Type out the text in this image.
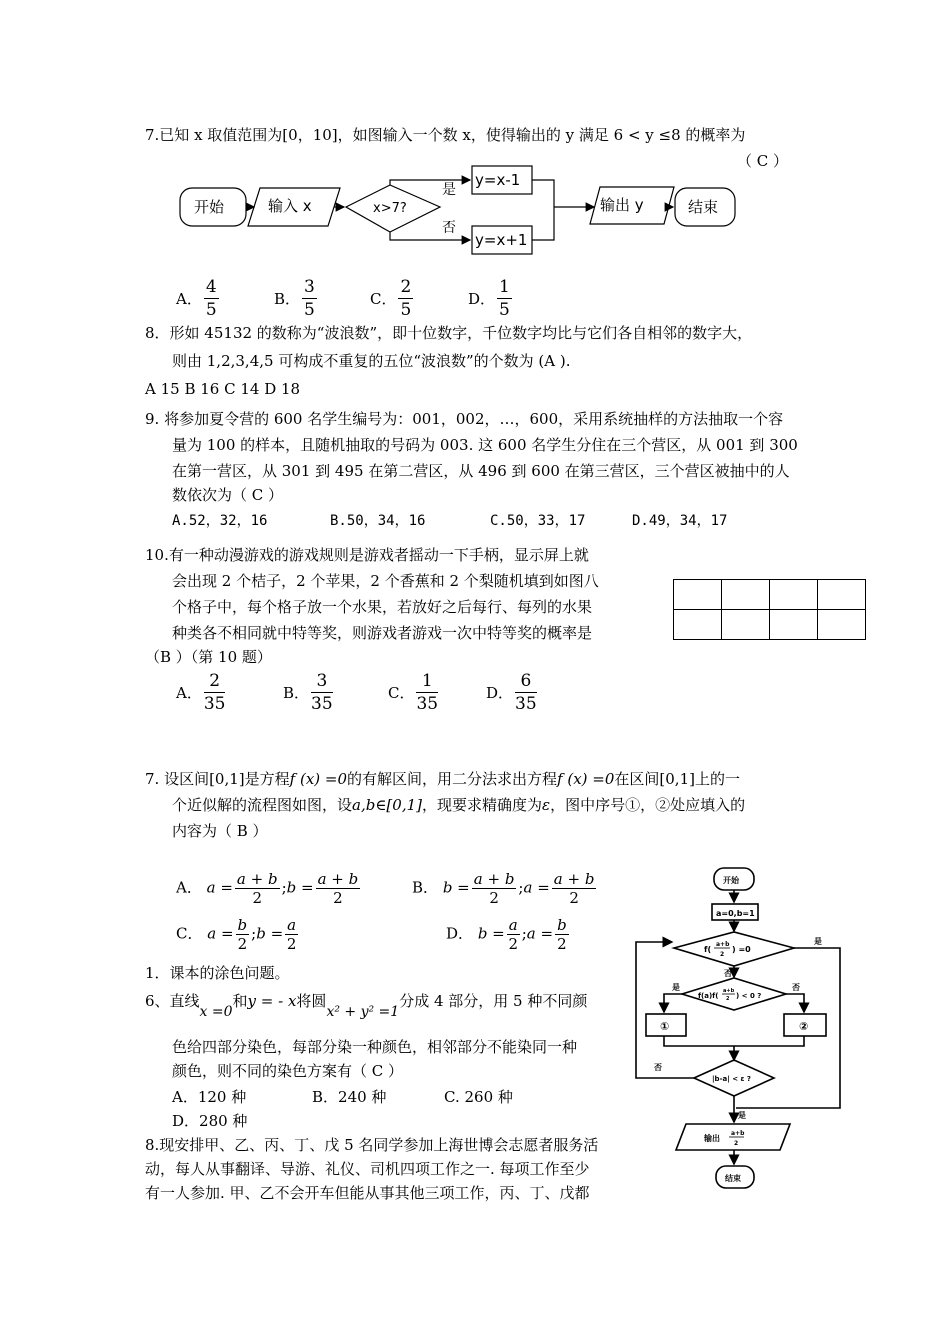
7.已知 x 取值范围为[0，10]，如图输入一个数 x，使得输出的 y 满足 6 < y ≤8 的概率为
（ C ）
开始	输入 x	x>7?
是
否
y=x-1
y=x+1
输出 y	结束
A． $\frac{4}{5}$	B． $\frac{3}{5}$	C． $\frac{2}{5}$	D． $\frac{1}{5}$
8．形如 45132 的数称为“波浪数”，即十位数字，千位数字均比与它们各自相邻的数字大，
则由 1,2,3,4,5 可构成不重复的五位“波浪数”的个数为 (A ).
A 15 B 16 C 14 D 18
9. 将参加夏令营的 600 名学生编号为：001，002，…，600，采用系统抽样的方法抽取一个容
量为 100 的样本，且随机抽取的号码为 003. 这 600 名学生分住在三个营区，从 001 到 300
在第一营区，从 301 到 495 在第二营区，从 496 到 600 在第三营区，三个营区被抽中的人
数依次为（ C ）
A.52，32，16	B.50，34，16	C.50，33，17	D.49，34，17
10.有一种动漫游戏的游戏规则是游戏者摇动一下手柄，显示屏上就
会出现 2 个桔子，2 个苹果，2 个香蕉和 2 个梨随机填到如图八
个格子中，每个格子放一个水果，若放好之后每行、每列的水果
种类各不相同就中特等奖，则游戏者游戏一次中特等奖的概率是
（B ）（第 10 题）

A． $\frac{2}{35}$	B． $\frac{3}{35}$	C． $\frac{1}{35}$	D． $\frac{6}{35}$
7. 设区间[0,1]是方程f (x) =0的有解区间，用二分法求出方程f (x) =0在区间[0,1]上的一
个近似解的流程图如图，设a,b∈[0,1]，现要求精确度为ε，图中序号①，②处应填入的
内容为（ B ）
A． $a = \frac{a + b}{2}$ ;b = $\frac{a + b}{2}$	B． $b = \frac{a + b}{2}$ ;a = $\frac{a + b}{2}$
C． $a = \frac{b}{2}$ ;b = $\frac{a}{2}$	D． $b = \frac{a}{2}$ ;a = $\frac{b}{2}$
开始
a=0,b=1
f(
a+b
2
) =0
是
否
f(a)f(
a+b
2 ) < 0 ?
是	否
①	②
否
|b-a| < ε ?
是
输出
a+b
2
结束
1．课本的涂色问题。
6、直线x =0和y = - x将圆x² + y² =1分成 4 部分，用 5 种不同颜
色给四部分染色，每部分染一种颜色，相邻部分不能染同一种
颜色，则不同的染色方案有（ C ）
A．120 种	B．240 种	C. 260 种
D．280 种
8.现安排甲、乙、丙、丁、戊 5 名同学参加上海世博会志愿者服务活
动，每人从事翻译、导游、礼仪、司机四项工作之一. 每项工作至少
有一人参加. 甲、乙不会开车但能从事其他三项工作，丙、丁、戊都
